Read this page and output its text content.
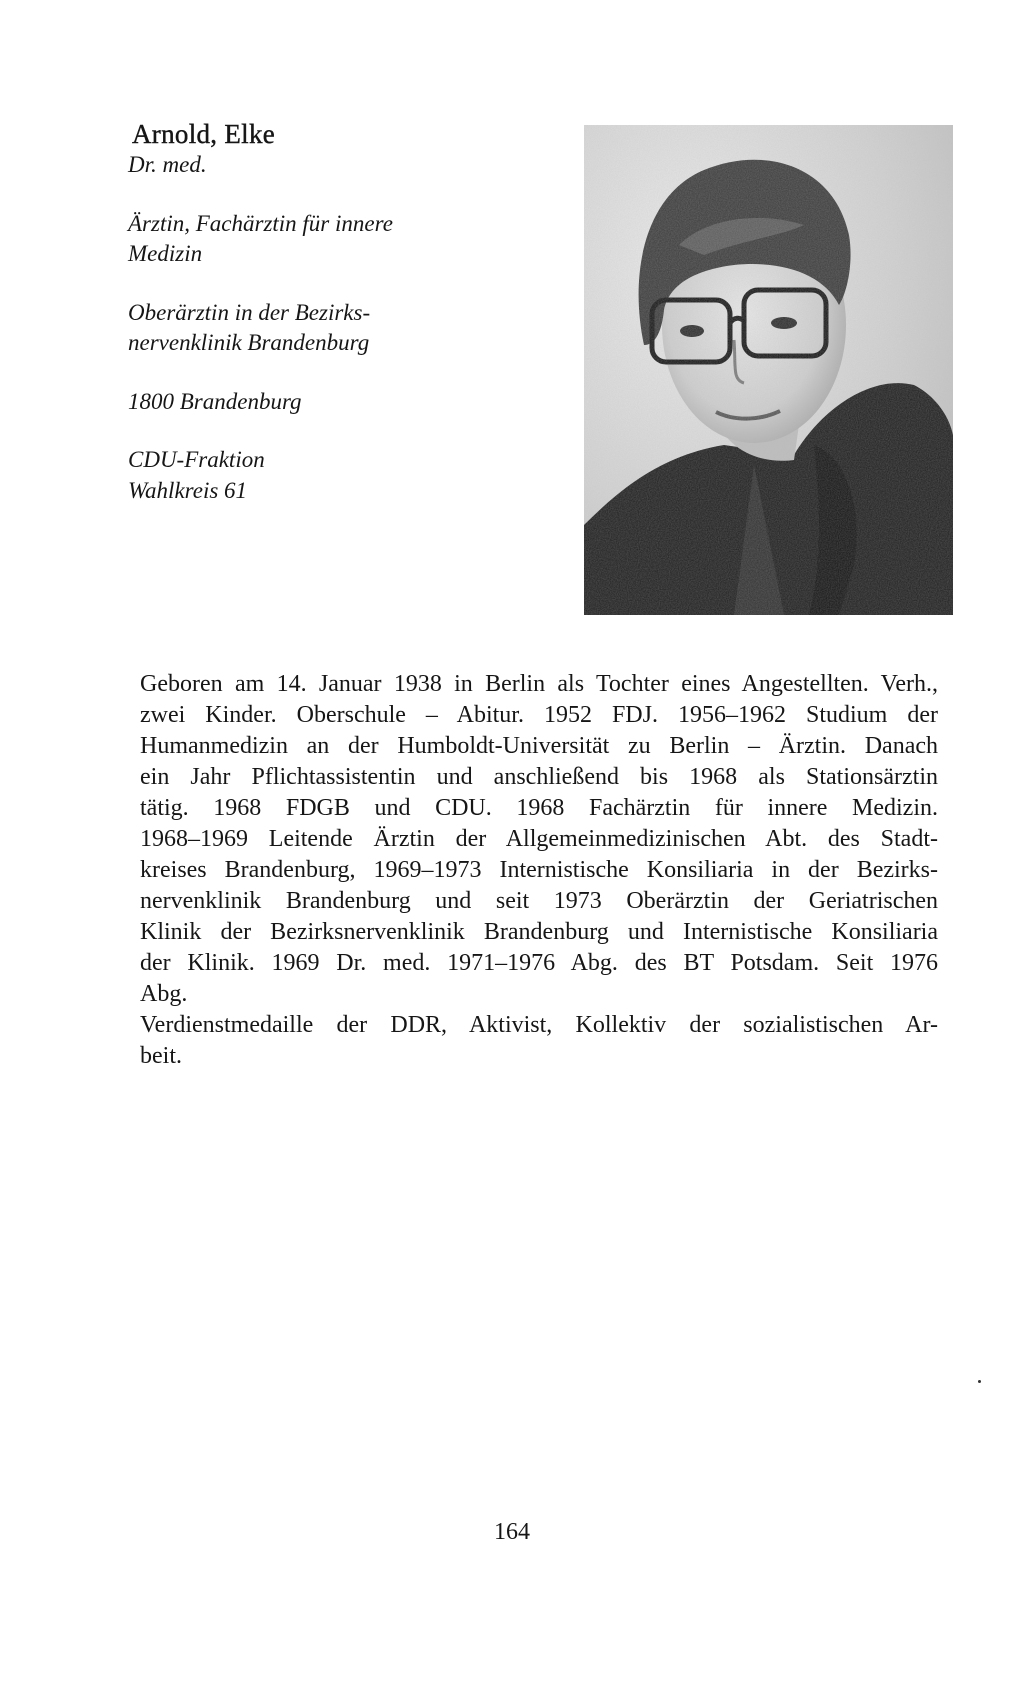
Arnold, Elke

Dr. med.

Ärztin, Fachärztin für innere

Medizin

Oberärztin in der Bezirks-

nervenklinik Brandenburg

1800 Brandenburg

CDU-Fraktion

Wahlkreis 61

Geboren am 14. Januar 1938 in Berlin als Tochter eines Angestellten. Verh.,

zwei Kinder. Oberschule – Abitur. 1952 FDJ. 1956–1962 Studium der

Humanmedizin an der Humboldt-Universität zu Berlin – Ärztin. Danach

ein Jahr Pflichtassistentin und anschließend bis 1968 als Stationsärztin

tätig. 1968 FDGB und CDU. 1968 Fachärztin für innere Medizin.

1968–1969 Leitende Ärztin der Allgemeinmedizinischen Abt. des Stadt-

kreises Brandenburg, 1969–1973 Internistische Konsiliaria in der Bezirks-

nervenklinik Brandenburg und seit 1973 Oberärztin der Geriatrischen

Klinik der Bezirksnervenklinik Brandenburg und Internistische Konsiliaria

der Klinik. 1969 Dr. med. 1971–1976 Abg. des BT Potsdam. Seit 1976

Abg.

Verdienstmedaille der DDR, Aktivist, Kollektiv der sozialistischen Ar-

beit.

164
